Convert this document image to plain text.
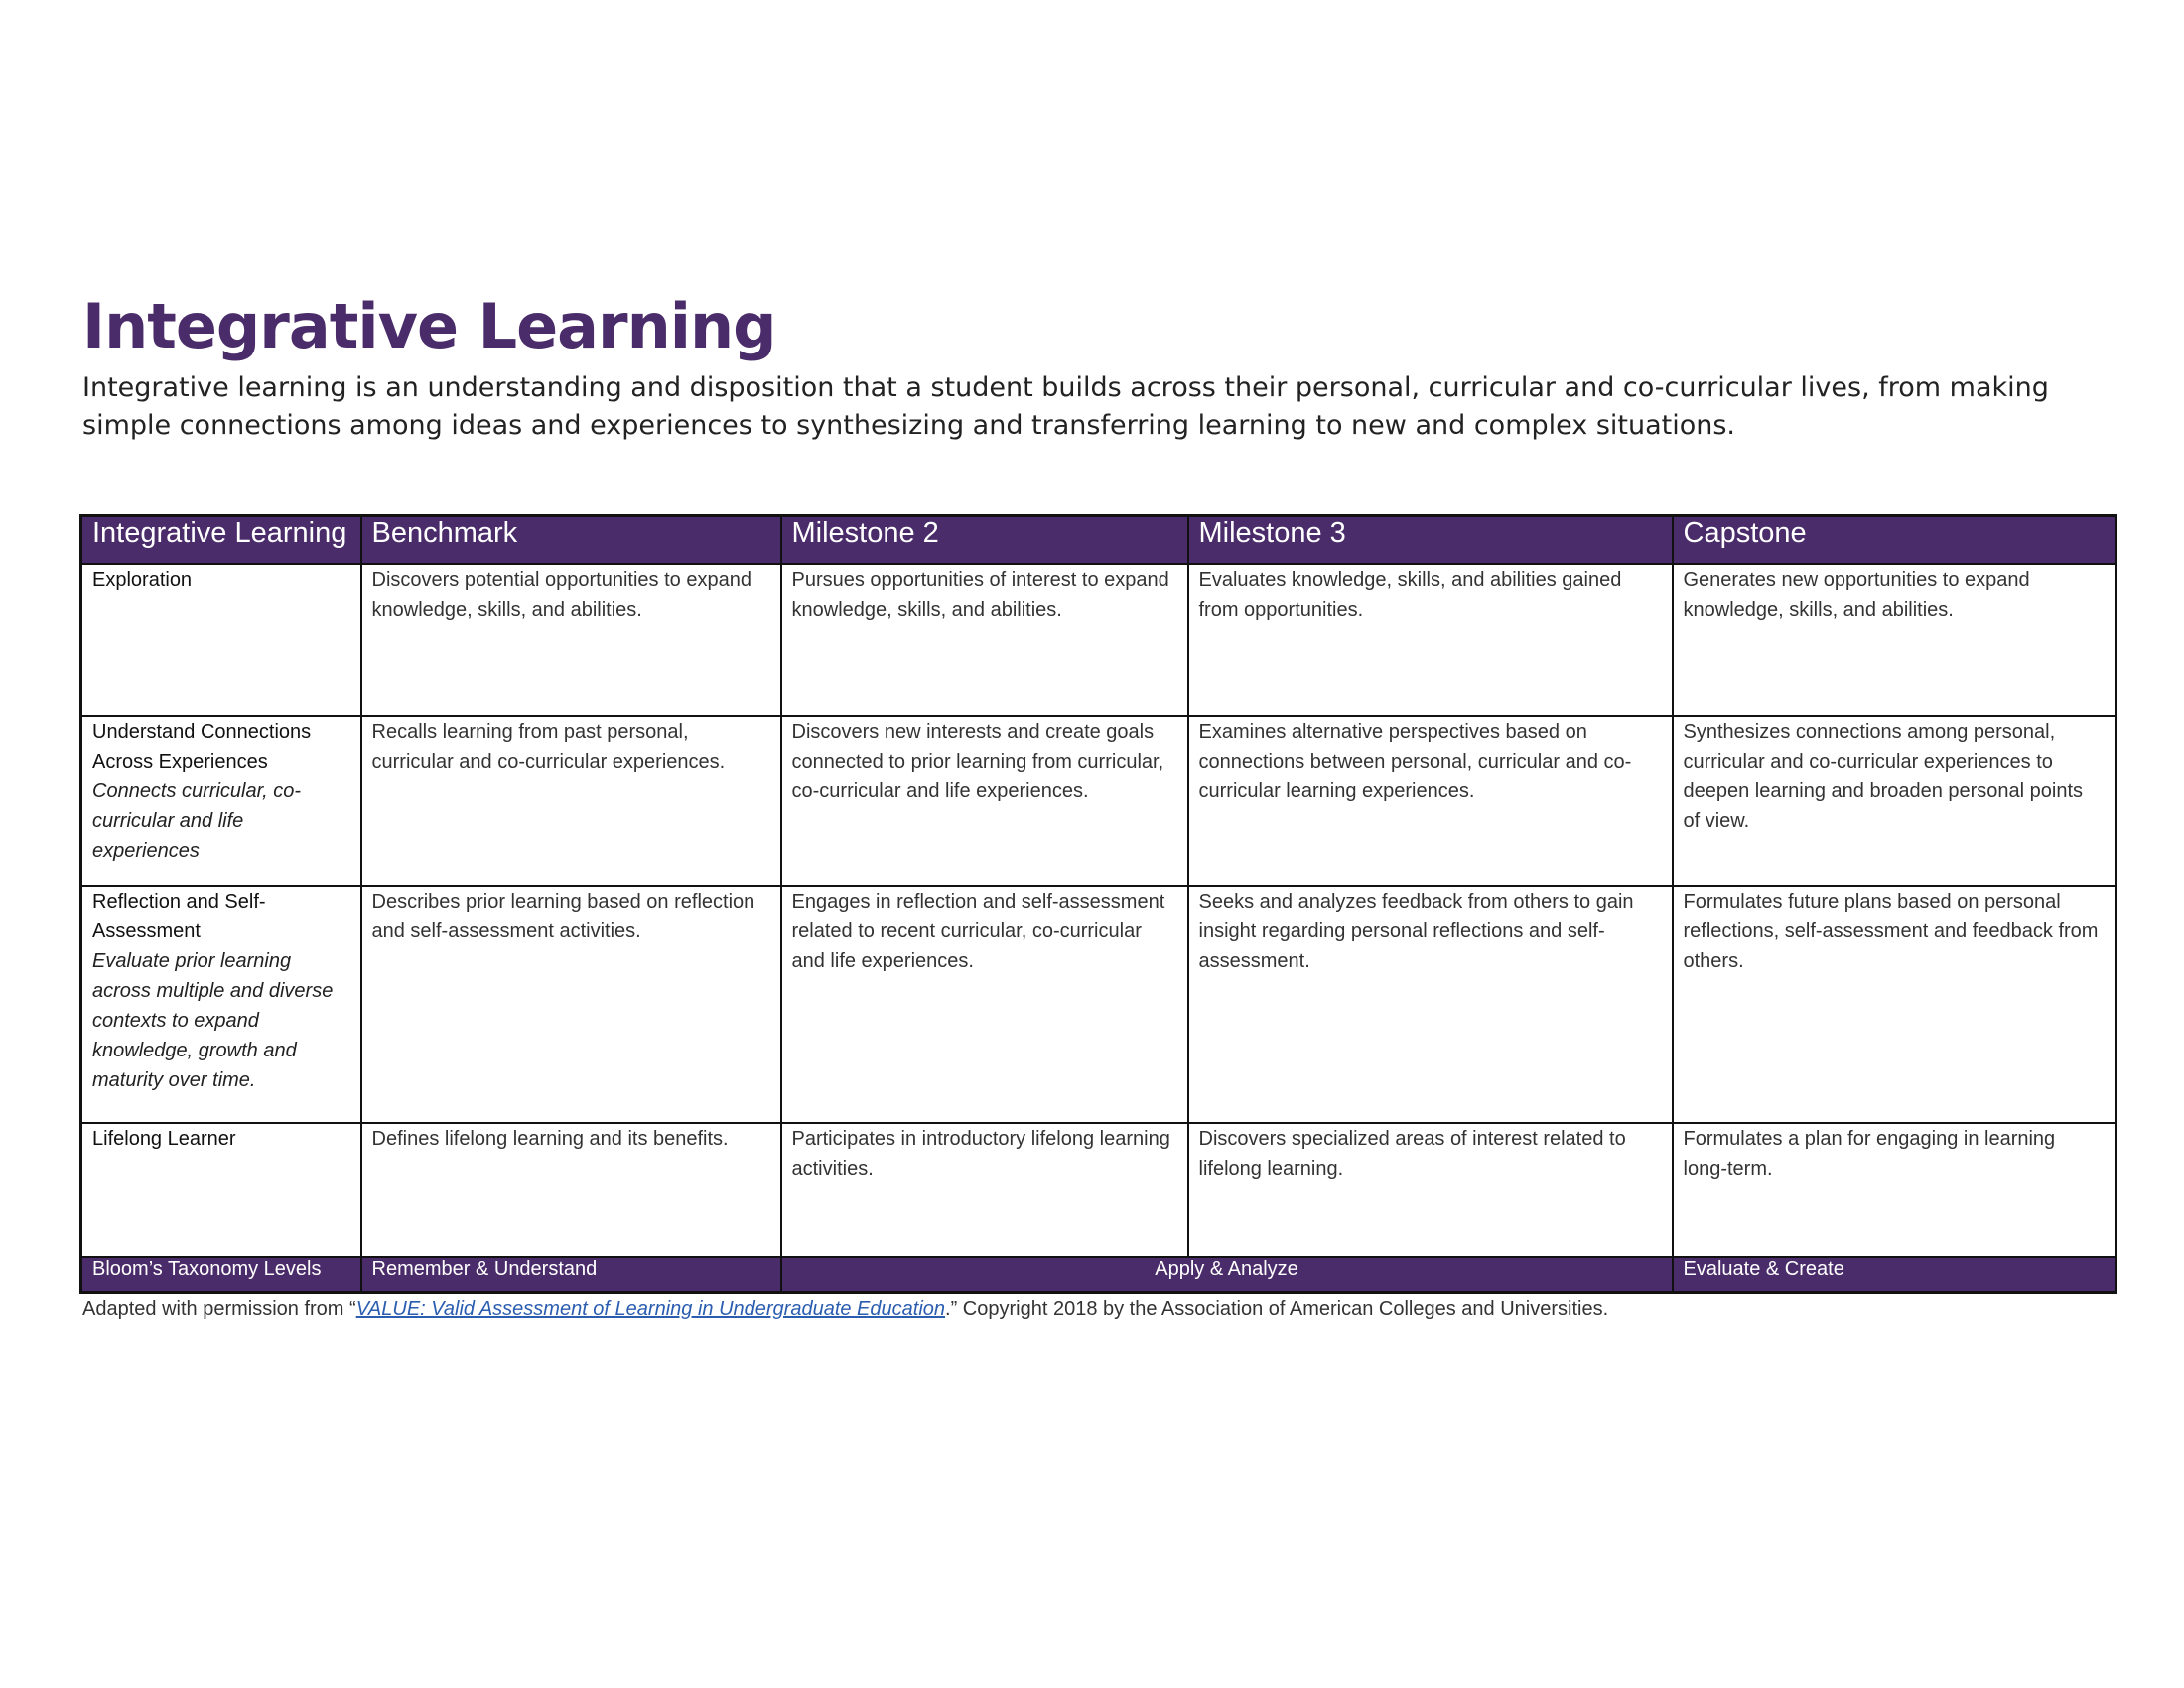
Integrative Learning

Integrative learning is an understanding and disposition that a student builds across their personal, curricular and co-curricular lives, from making simple connections among ideas and experiences to synthesizing and transferring learning to new and complex situations.

Integrative Learning	Benchmark	Milestone 2	Milestone 3	Capstone

Exploration	Discovers potential opportunities to expand knowledge, skills, and abilities.	Pursues opportunities of interest to expand knowledge, skills, and abilities.	Evaluates knowledge, skills, and abilities gained from opportunities.	Generates new opportunities to expand knowledge, skills, and abilities.

Understand Connections Across Experiences
Connects curricular, co-curricular and life experiences	Recalls learning from past personal, curricular and co-curricular experiences.	Discovers new interests and create goals connected to prior learning from curricular, co-curricular and life experiences.	Examines alternative perspectives based on connections between personal, curricular and co-curricular learning experiences.	Synthesizes connections among personal, curricular and co-curricular experiences to deepen learning and broaden personal points of view.

Reflection and Self-Assessment
Evaluate prior learning across multiple and diverse contexts to expand knowledge, growth and maturity over time.	Describes prior learning based on reflection and self-assessment activities.	Engages in reflection and self-assessment related to recent curricular, co-curricular and life experiences.	Seeks and analyzes feedback from others to gain insight regarding personal reflections and self-assessment.	Formulates future plans based on personal reflections, self-assessment and feedback from others.

Lifelong Learner	Defines lifelong learning and its benefits.	Participates in introductory lifelong learning activities.	Discovers specialized areas of interest related to lifelong learning.	Formulates a plan for engaging in learning long-term.
Bloom’s Taxonomy Levels	Remember & Understand	Apply & Analyze		Evaluate & Create

Adapted with permission from “VALUE: Valid Assessment of Learning in Undergraduate Education.” Copyright 2018 by the Association of American Colleges and Universities.
